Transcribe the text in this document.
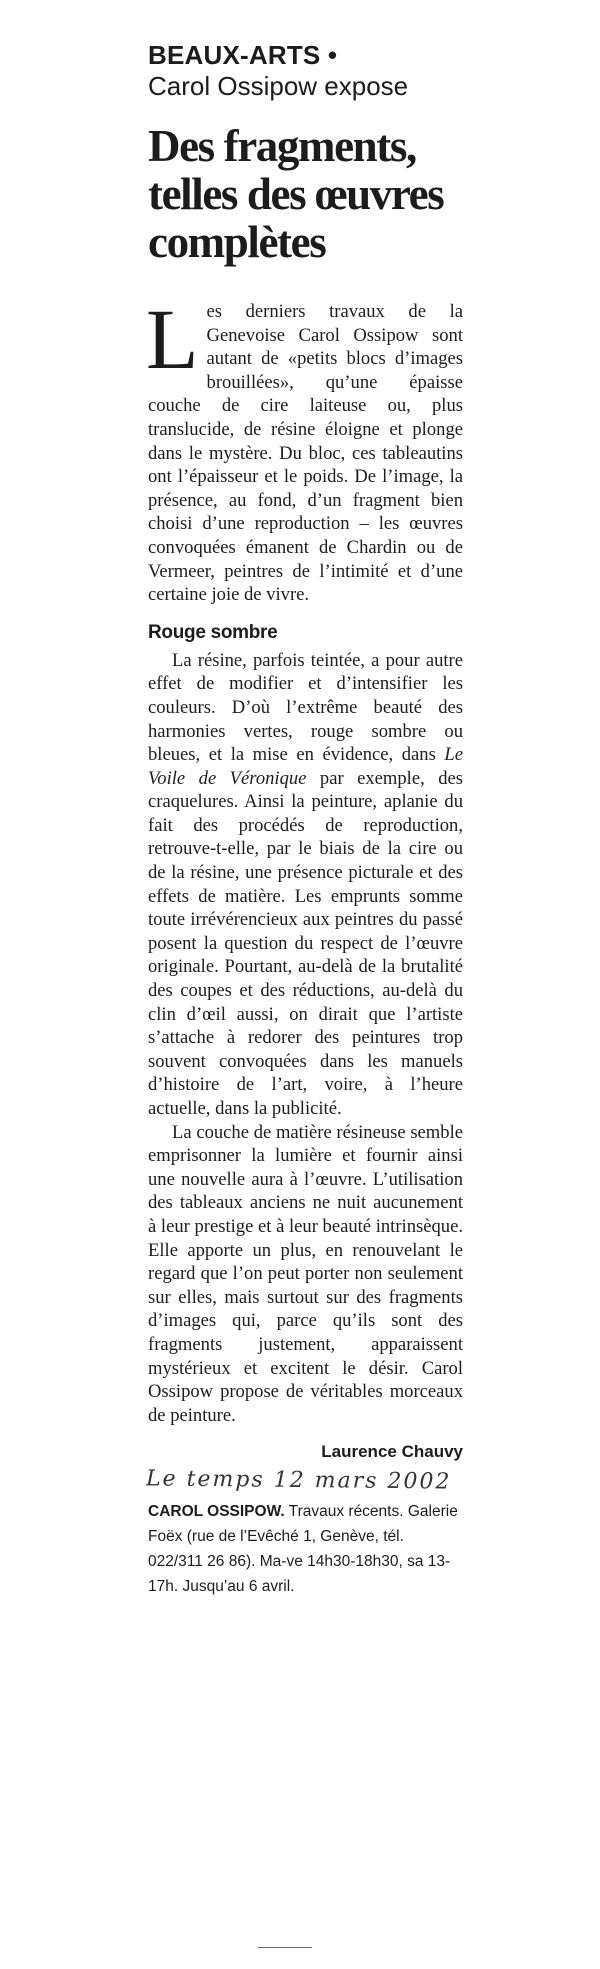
BEAUX-ARTS •
Carol Ossipow expose
Des fragments,
telles des œuvres
complètes

Les derniers travaux de la Genevoise Carol Ossipow sont autant de «petits blocs d’images brouillées», qu’une épaisse couche de cire laiteuse ou, plus translucide, de résine éloigne et plonge dans le mystère. Du bloc, ces tableautins ont l’épaisseur et le poids. De l’image, la présence, au fond, d’un fragment bien choisi d’une reproduction – les œuvres convoquées émanent de Chardin ou de Vermeer, peintres de l’intimité et d’une certaine joie de vivre.

Rouge sombre

La résine, parfois teintée, a pour autre effet de modifier et d’intensifier les couleurs. D’où l’extrême beauté des harmonies vertes, rouge sombre ou bleues, et la mise en évidence, dans Le Voile de Véronique par exemple, des craquelures. Ainsi la peinture, aplanie du fait des procédés de reproduction, retrouve-t-elle, par le biais de la cire ou de la résine, une présence picturale et des effets de matière. Les emprunts somme toute irrévérencieux aux peintres du passé posent la question du respect de l’œuvre originale. Pourtant, au-delà de la brutalité des coupes et des réductions, au-delà du clin d’œil aussi, on dirait que l’artiste s’attache à redorer des peintures trop souvent convoquées dans les manuels d’histoire de l’art, voire, à l’heure actuelle, dans la publicité.

La couche de matière résineuse semble emprisonner la lumière et fournir ainsi une nouvelle aura à l’œuvre. L’utilisation des tableaux anciens ne nuit aucunement à leur prestige et à leur beauté intrinsèque. Elle apporte un plus, en renouvelant le regard que l’on peut porter non seulement sur elles, mais surtout sur des fragments d’images qui, parce qu’ils sont des fragments justement, apparaissent mystérieux et excitent le désir. Carol Ossipow propose de véritables morceaux de peinture.

Laurence Chauvy
Le temps 12 mars 2002
CAROL OSSIPOW. Travaux récents. Galerie Foëx (rue de l’Evêché 1, Genève, tél. 022/311 26 86). Ma-ve 14h30-18h30, sa 13-17h. Jusqu’au 6 avril.
